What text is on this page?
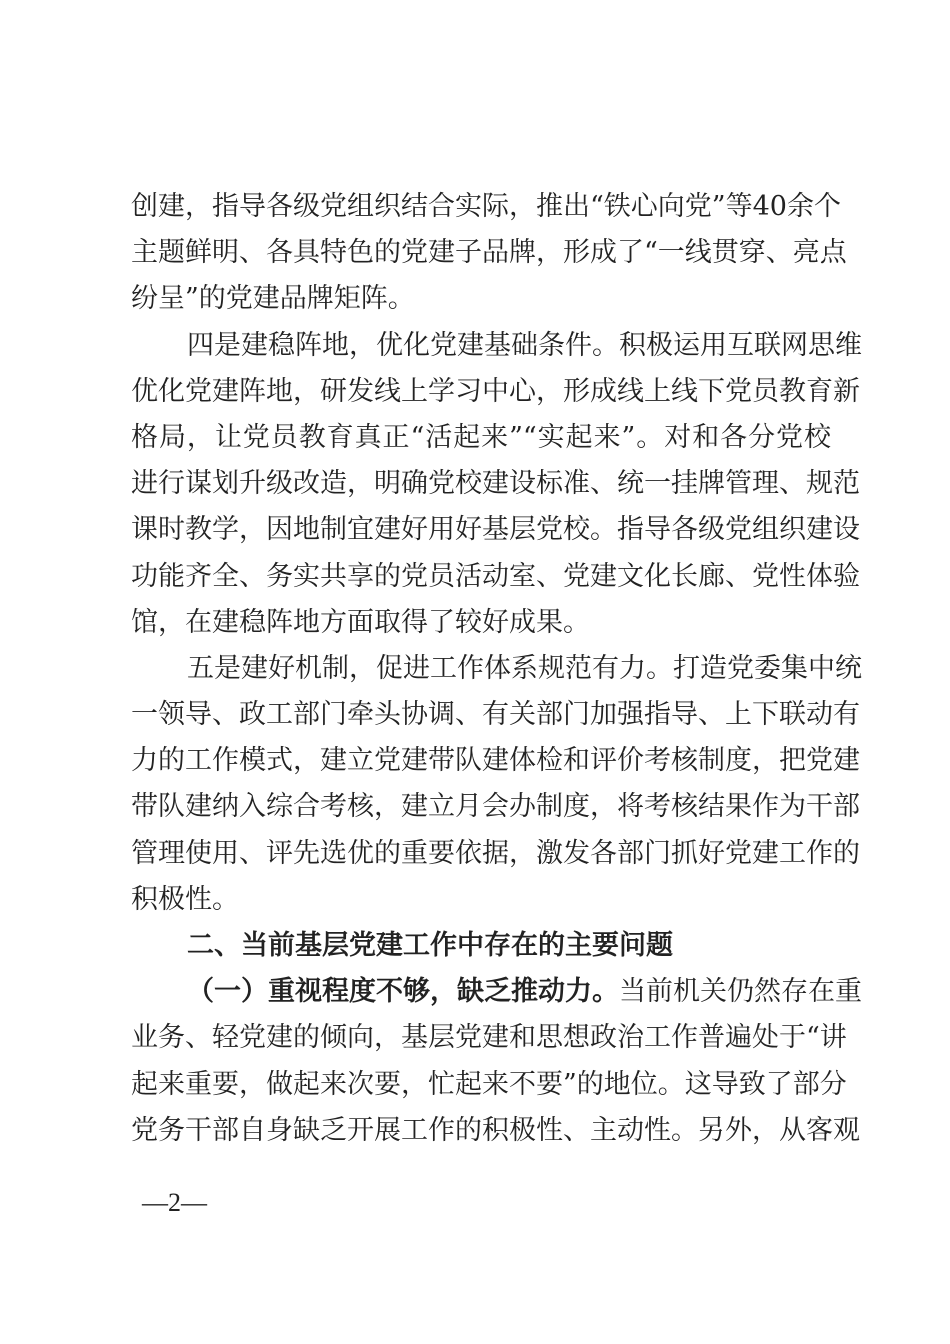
创建，指导各级党组织结合实际，推出“铁心向党”等40余个
主题鲜明、各具特色的党建子品牌，形成了“一线贯穿、亮点
纷呈”的党建品牌矩阵。
四是建稳阵地，优化党建基础条件。积极运用互联网思维
优化党建阵地，研发线上学习中心，形成线上线下党员教育新
格局，让党员教育真正“活起来”“实起来”。对和各分党校
进行谋划升级改造，明确党校建设标准、统一挂牌管理、规范
课时教学，因地制宜建好用好基层党校。指导各级党组织建设
功能齐全、务实共享的党员活动室、党建文化长廊、党性体验
馆，在建稳阵地方面取得了较好成果。
五是建好机制，促进工作体系规范有力。打造党委集中统
一领导、政工部门牵头协调、有关部门加强指导、上下联动有
力的工作模式，建立党建带队建体检和评价考核制度，把党建
带队建纳入综合考核，建立月会办制度，将考核结果作为干部
管理使用、评先选优的重要依据，激发各部门抓好党建工作的
积极性。
二、当前基层党建工作中存在的主要问题
（一）重视程度不够，缺乏推动力。当前机关仍然存在重
业务、轻党建的倾向，基层党建和思想政治工作普遍处于“讲
起来重要，做起来次要，忙起来不要”的地位。这导致了部分
党务干部自身缺乏开展工作的积极性、主动性。另外，从客观
—2—
